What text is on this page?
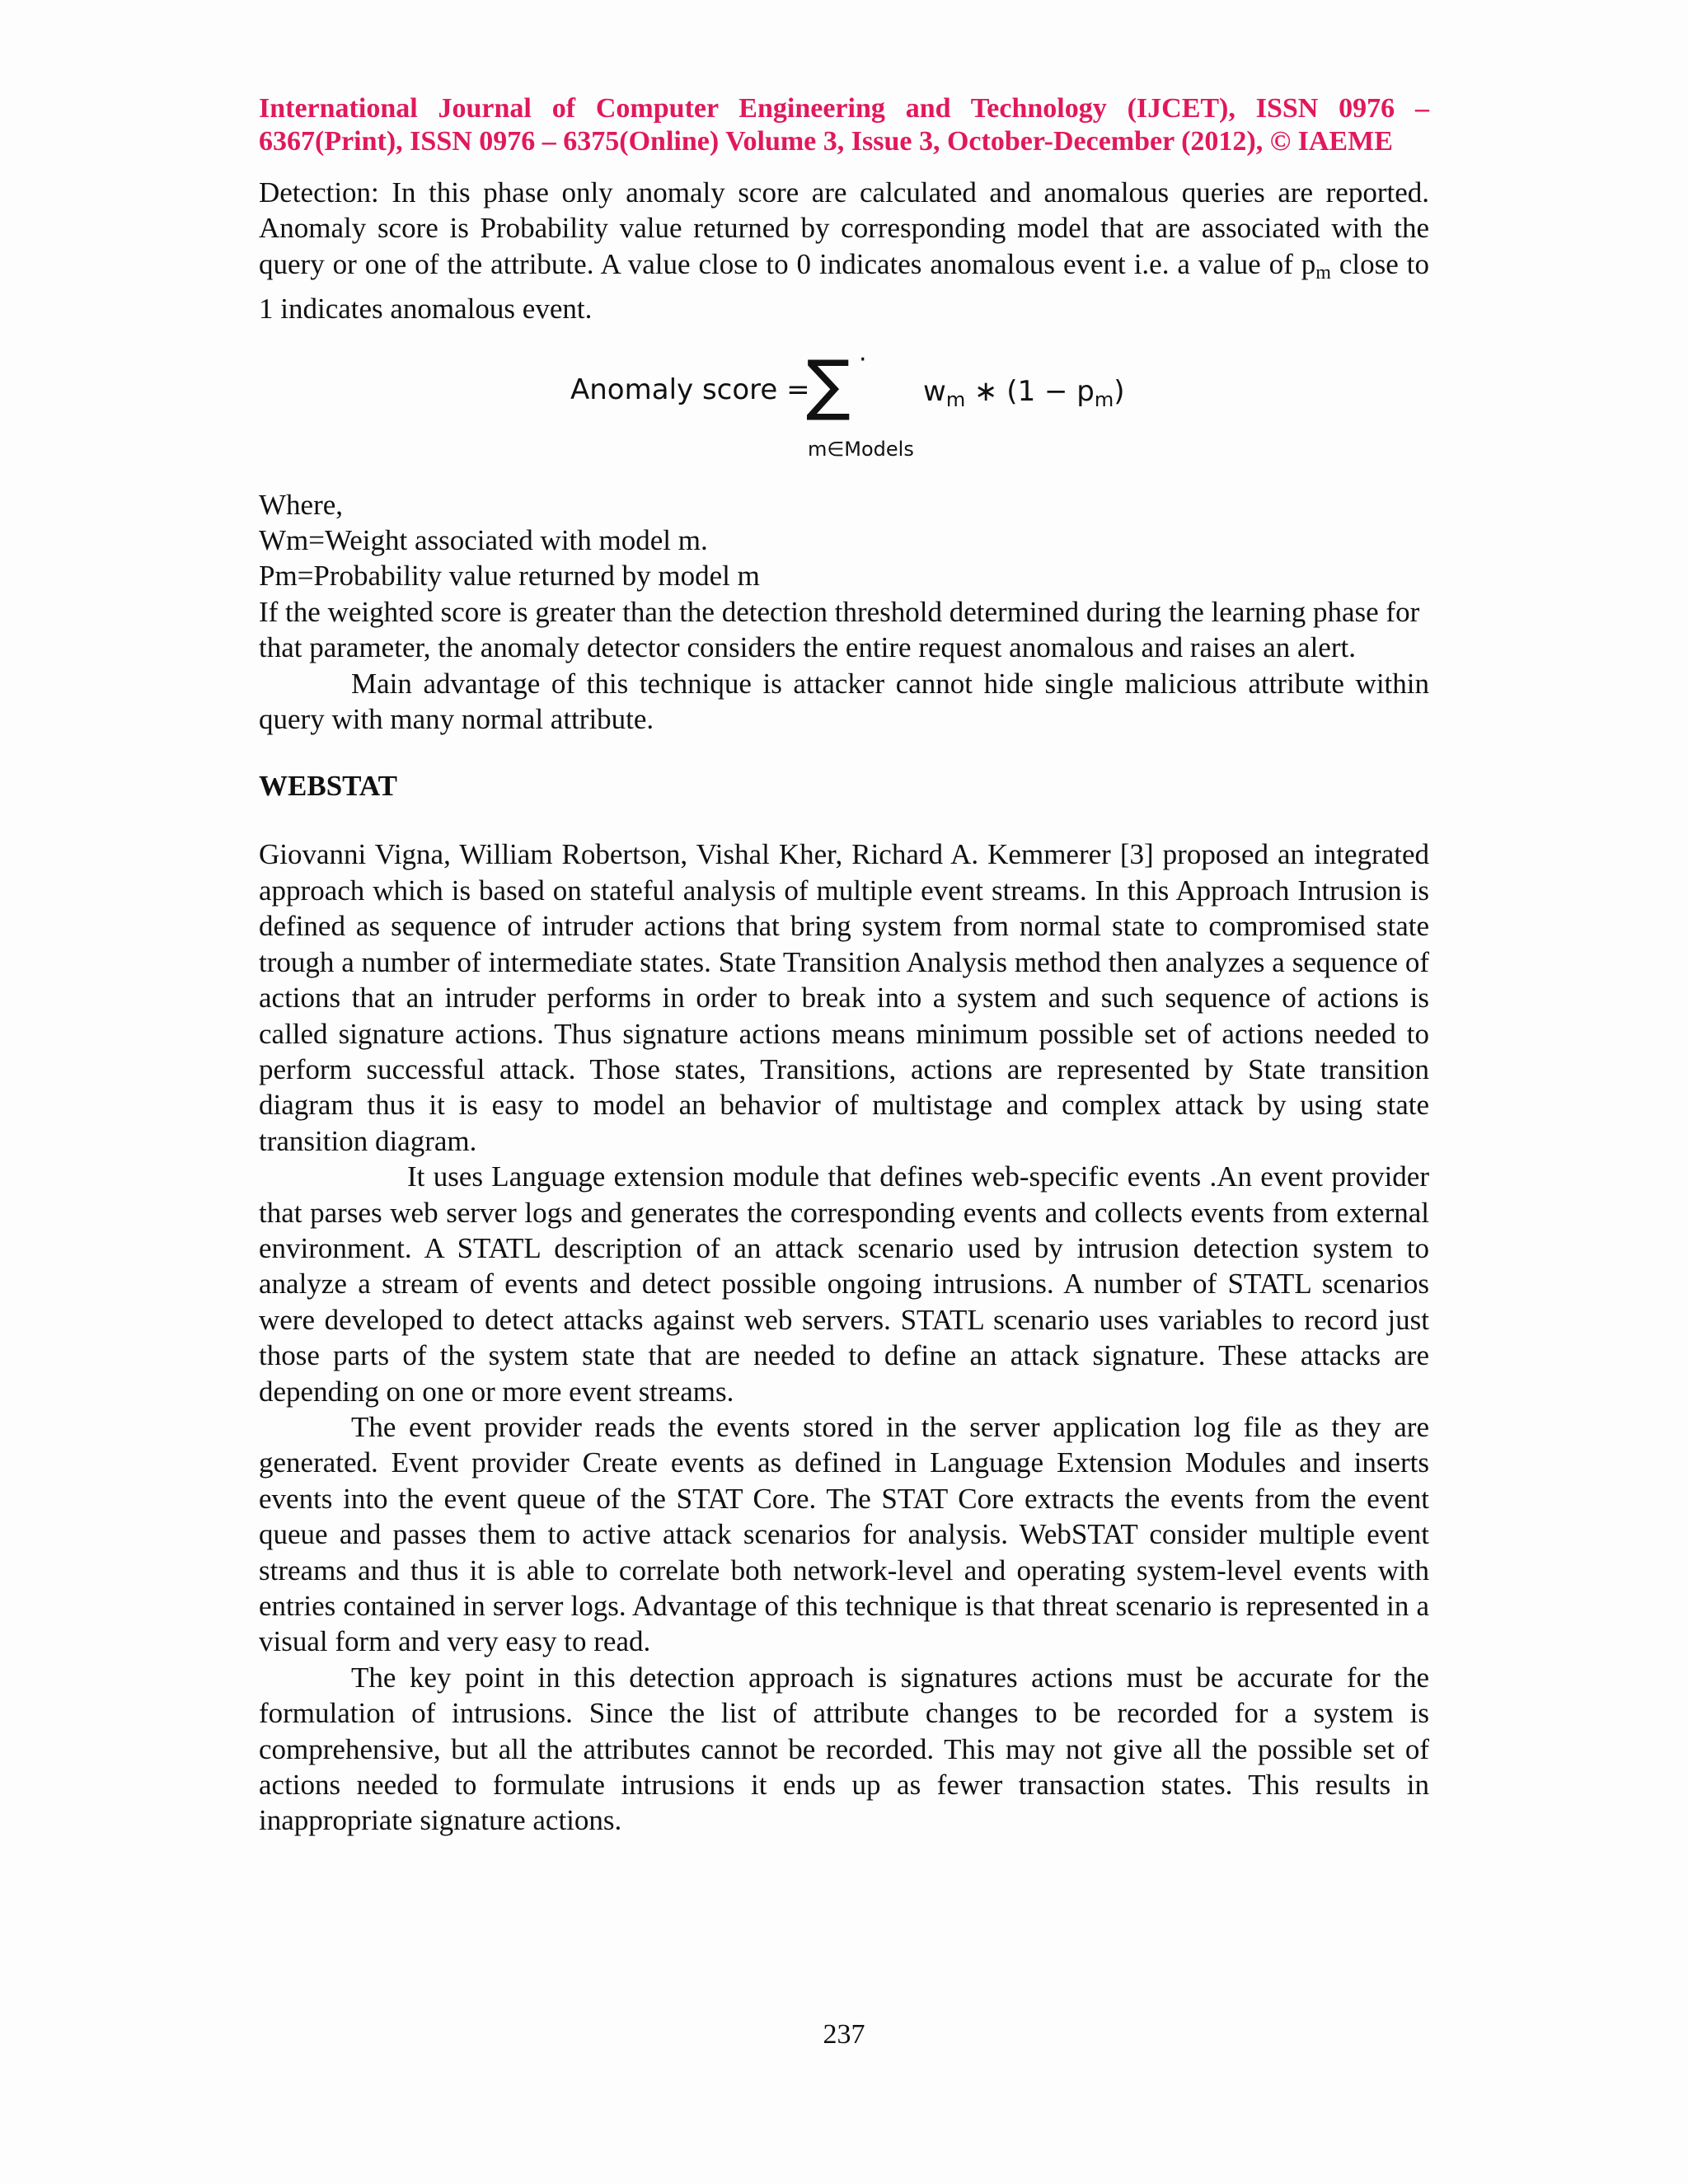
International Journal of Computer Engineering and Technology (IJCET), ISSN 0976 –
6367(Print), ISSN 0976 – 6375(Online) Volume 3, Issue 3, October-December (2012), © IAEME

Detection: In this phase only anomaly score are calculated and anomalous queries are reported. Anomaly score is Probability value returned by corresponding model that are associated with the query or one of the attribute. A value close to 0 indicates anomalous event i.e. a value of $p_m$ close to 1 indicates anomalous event.

Anomaly score =
∑ ·
m∈Models
$w_m$ ∗ $(1 - p_m)$

Where,

Wm=Weight associated with model m.

Pm=Probability value returned by model m

If the weighted score is greater than the detection threshold determined during the learning phase for that parameter, the anomaly detector considers the entire request anomalous and raises an alert.

Main advantage of this technique is attacker cannot hide single malicious attribute within query with many normal attribute.

WEBSTAT

Giovanni Vigna, William Robertson, Vishal Kher, Richard A. Kemmerer [3] proposed an integrated approach which is based on stateful analysis of multiple event streams. In this Approach Intrusion is defined as sequence of intruder actions that bring system from normal state to compromised state trough a number of intermediate states. State Transition Analysis method then analyzes a sequence of actions that an intruder performs in order to break into a system and such sequence of actions is called signature actions. Thus signature actions means minimum possible set of actions needed to perform successful attack. Those states, Transitions, actions are represented by State transition diagram thus it is easy to model an behavior of multistage and complex attack by using state transition diagram.

It uses Language extension module that defines web-specific events .An event provider that parses web server logs and generates the corresponding events and collects events from external environment. A STATL description of an attack scenario used by intrusion detection system to analyze a stream of events and detect possible ongoing intrusions. A number of STATL scenarios were developed to detect attacks against web servers. STATL scenario uses variables to record just those parts of the system state that are needed to define an attack signature. These attacks are depending on one or more event streams.

The event provider reads the events stored in the server application log file as they are generated. Event provider Create events as defined in Language Extension Modules and inserts events into the event queue of the STAT Core. The STAT Core extracts the events from the event queue and passes them to active attack scenarios for analysis. WebSTAT consider multiple event streams and thus it is able to correlate both network-level and operating system-level events with entries contained in server logs. Advantage of this technique is that threat scenario is represented in a visual form and very easy to read.

The key point in this detection approach is signatures actions must be accurate for the formulation of intrusions. Since the list of attribute changes to be recorded for a system is comprehensive, but all the attributes cannot be recorded. This may not give all the possible set of actions needed to formulate intrusions it ends up as fewer transaction states. This results in inappropriate signature actions.

237
